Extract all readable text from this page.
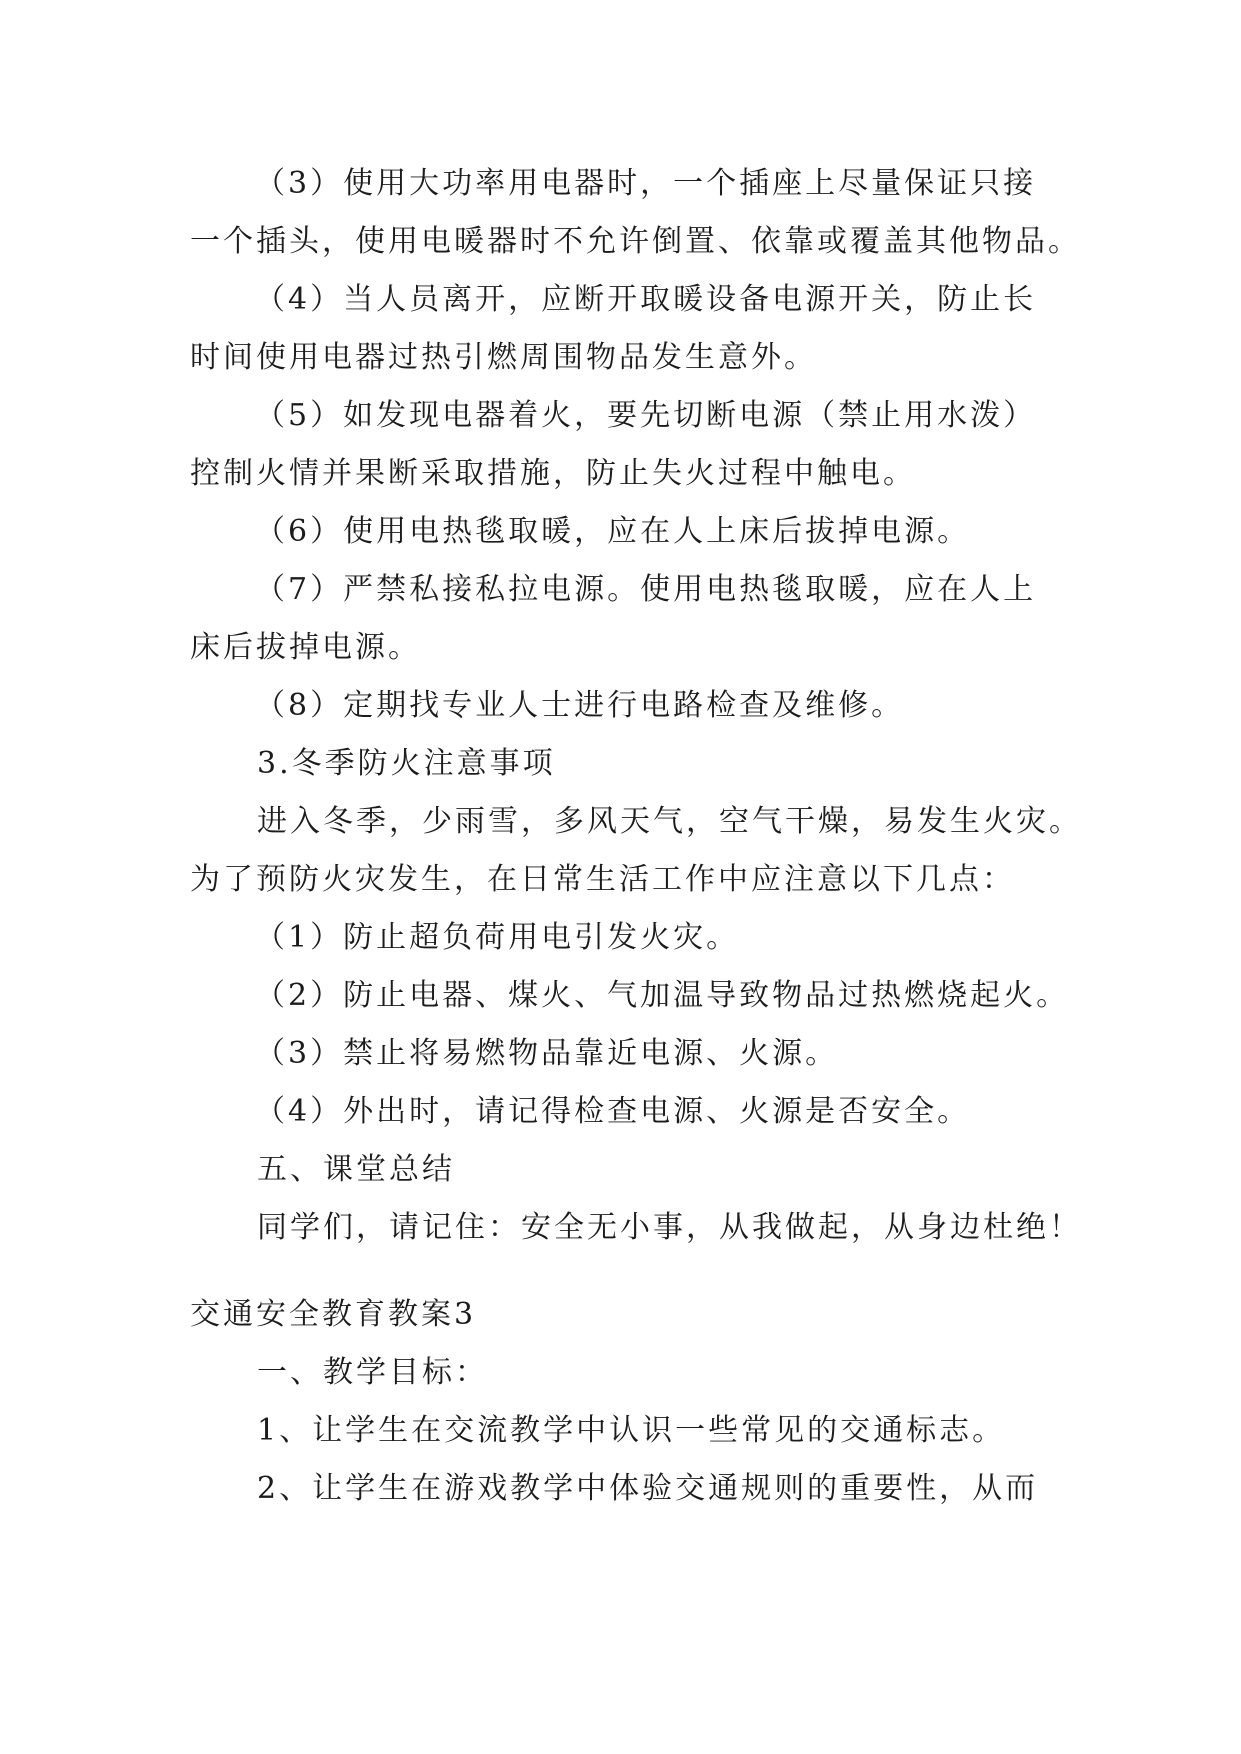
（3）使用大功率用电器时，一个插座上尽量保证只接

一个插头，使用电暖器时不允许倒置、依靠或覆盖其他物品。

（4）当人员离开，应断开取暖设备电源开关，防止长

时间使用电器过热引燃周围物品发生意外。

（5）如发现电器着火，要先切断电源（禁止用水泼）

控制火情并果断采取措施，防止失火过程中触电。

（6）使用电热毯取暖，应在人上床后拔掉电源。

（7）严禁私接私拉电源。使用电热毯取暖，应在人上

床后拔掉电源。

（8）定期找专业人士进行电路检查及维修。

3.冬季防火注意事项

进入冬季，少雨雪，多风天气，空气干燥，易发生火灾。

为了预防火灾发生，在日常生活工作中应注意以下几点：

（1）防止超负荷用电引发火灾。

（2）防止电器、煤火、气加温导致物品过热燃烧起火。

（3）禁止将易燃物品靠近电源、火源。

（4）外出时，请记得检查电源、火源是否安全。

五、课堂总结

同学们，请记住：安全无小事，从我做起，从身边杜绝！

交通安全教育教案3

一、教学目标：

1、让学生在交流教学中认识一些常见的交通标志。

2、让学生在游戏教学中体验交通规则的重要性，从而
